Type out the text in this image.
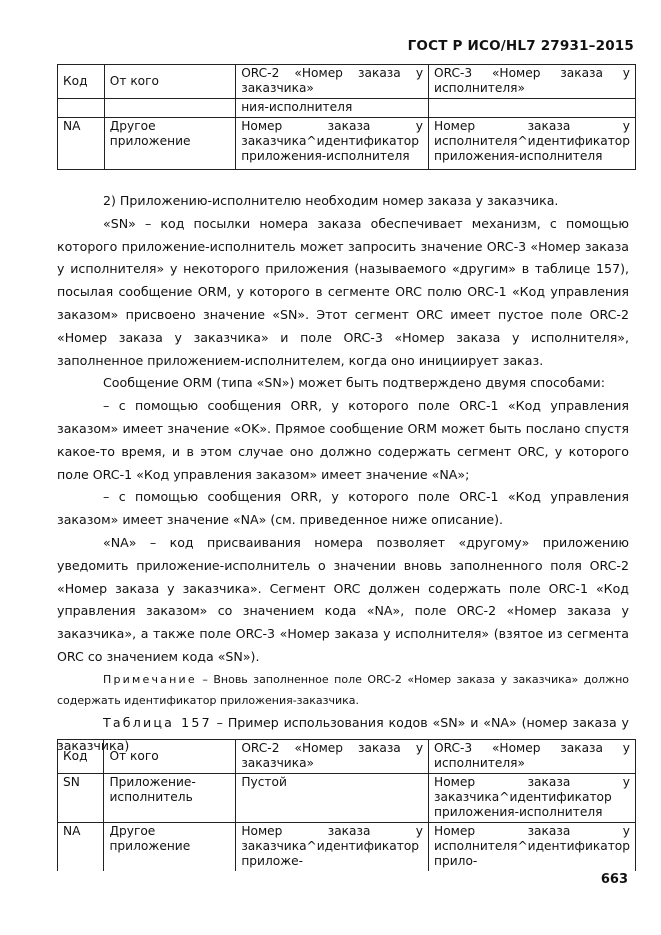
ГОСТ Р ИСО/HL7 27931–2015
Код	От кого	ORC-2 «Номер заказа у заказчика»	ORC-3 «Номер заказа у исполнителя»
		ния-исполнителя	
NA	Другое приложение	Номер заказа у заказчика^идентификатор приложения-исполнителя	Номер заказа у исполнителя^идентификатор приложения-исполнителя

2) Приложению-исполнителю необходим номер заказа у заказчика.

«SN» – код посылки номера заказа обеспечивает механизм, с помощью которого приложение-исполнитель может запросить значение ORC-3 «Номер заказа у исполнителя» у некоторого приложения (называемого «другим» в таблице 157), посылая сообщение ORM, у которого в сегменте ORC полю ORC-1 «Код управления заказом» присвоено значение «SN». Этот сегмент ORC имеет пустое поле ORC-2 «Номер заказа у заказчика» и поле ORC-3 «Номер заказа у исполнителя», заполненное приложением-исполнителем, когда оно инициирует заказ.

Сообщение ORM (типа «SN») может быть подтверждено двумя способами:

– с помощью сообщения ORR, у которого поле ORC-1 «Код управления заказом» имеет значение «OK». Прямое сообщение ORM может быть послано спустя какое-то время, и в этом случае оно должно содержать сегмент ORC, у которого поле ORC-1 «Код управления заказом» имеет значение «NA»;

– с помощью сообщения ORR, у которого поле ORC-1 «Код управления заказом» имеет значение «NA» (см. приведенное ниже описание).

«NA» – код присваивания номера позволяет «другому» приложению уведомить приложение-исполнитель о значении вновь заполненного поля ORC-2 «Номер заказа у заказчика». Сегмент ORC должен содержать поле ORC-1 «Код управления заказом» со значением кода «NA», поле ORC-2 «Номер заказа у заказчика», а также поле ORC-3 «Номер заказа у исполнителя» (взятое из сегмента ORC со значением кода «SN»).

Примечание – Вновь заполненное поле ORC-2 «Номер заказа у заказчика» должно содержать идентификатор приложения-заказчика.

Таблица 157 – Пример использования кодов «SN» и «NA» (номер заказа у заказчика)

Код	От кого	ORC-2 «Номер заказа у заказчика»	ORC-3 «Номер заказа у исполнителя»
SN	Приложение-исполнитель	Пустой	Номер заказа у заказчика^идентификатор приложения-исполнителя
NA	Другое приложение	Номер заказа у заказчика^идентификатор приложе-	Номер заказа у исполнителя^идентификатор прило-
663
